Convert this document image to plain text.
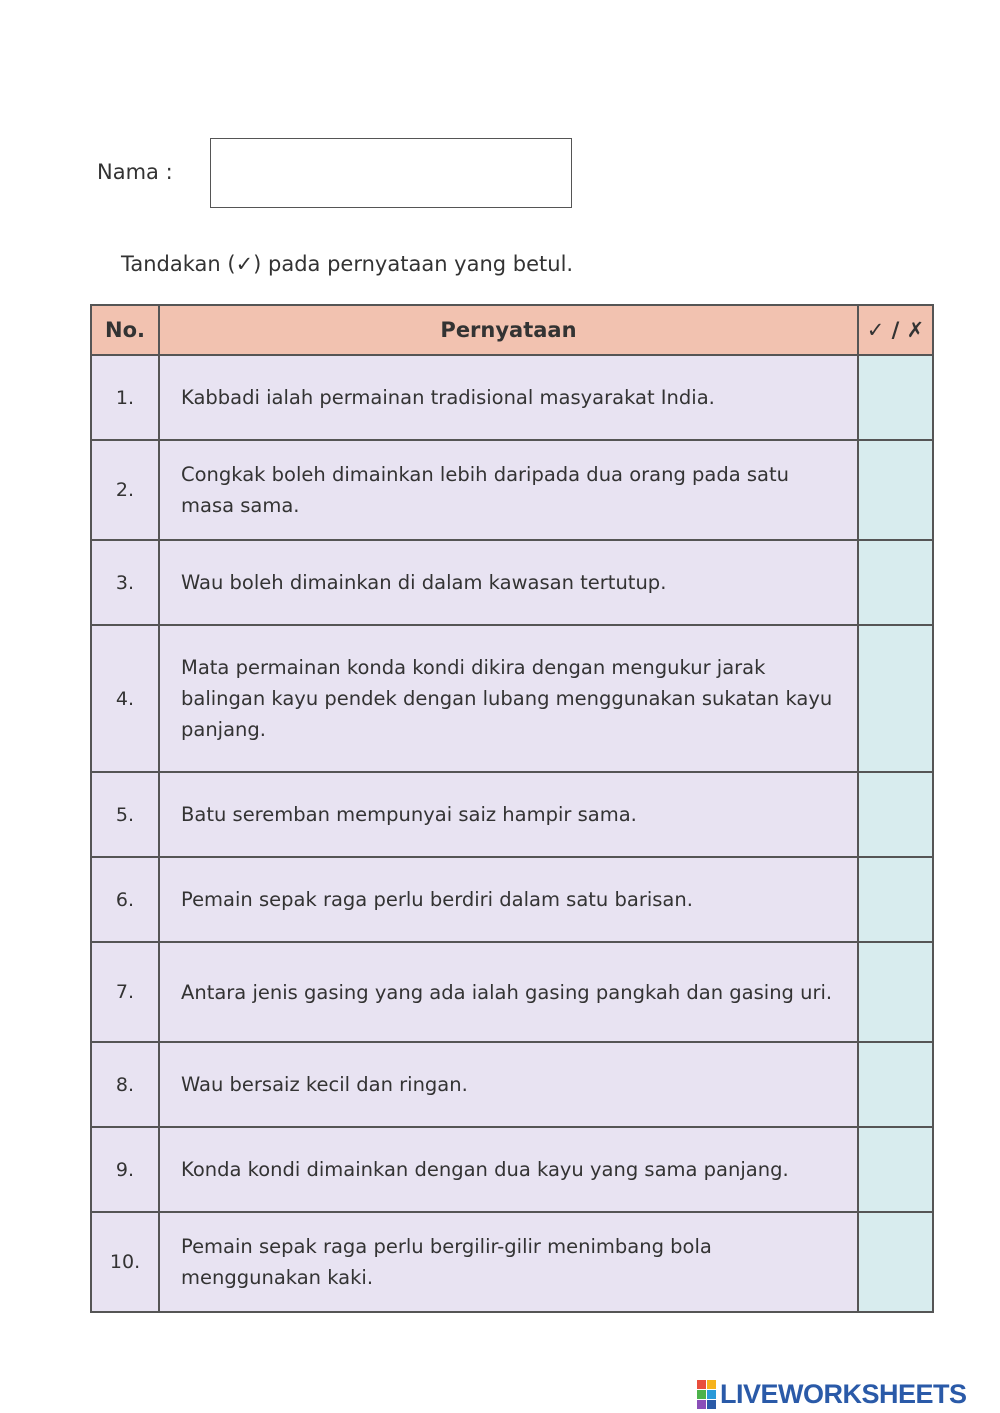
Nama :
Tandakan (✓) pada pernyataan yang betul.
No.	Pernyataan	✓ / ✗
1.	Kabbadi ialah permainan tradisional masyarakat India.	
2.	Congkak boleh dimainkan lebih daripada dua orang pada satu masa sama.	
3.	Wau boleh dimainkan di dalam kawasan tertutup.	
4.	Mata permainan konda kondi dikira dengan mengukur jarak balingan kayu pendek dengan lubang menggunakan sukatan kayu panjang.	
5.	Batu seremban mempunyai saiz hampir sama.	
6.	Pemain sepak raga perlu berdiri dalam satu barisan.	
7.	Antara jenis gasing yang ada ialah gasing pangkah dan gasing uri.	
8.	Wau bersaiz kecil dan ringan.	
9.	Konda kondi dimainkan dengan dua kayu yang sama panjang.	
10.	Pemain sepak raga perlu bergilir-gilir menimbang bola menggunakan kaki.	
LIVEWORKSHEETS
